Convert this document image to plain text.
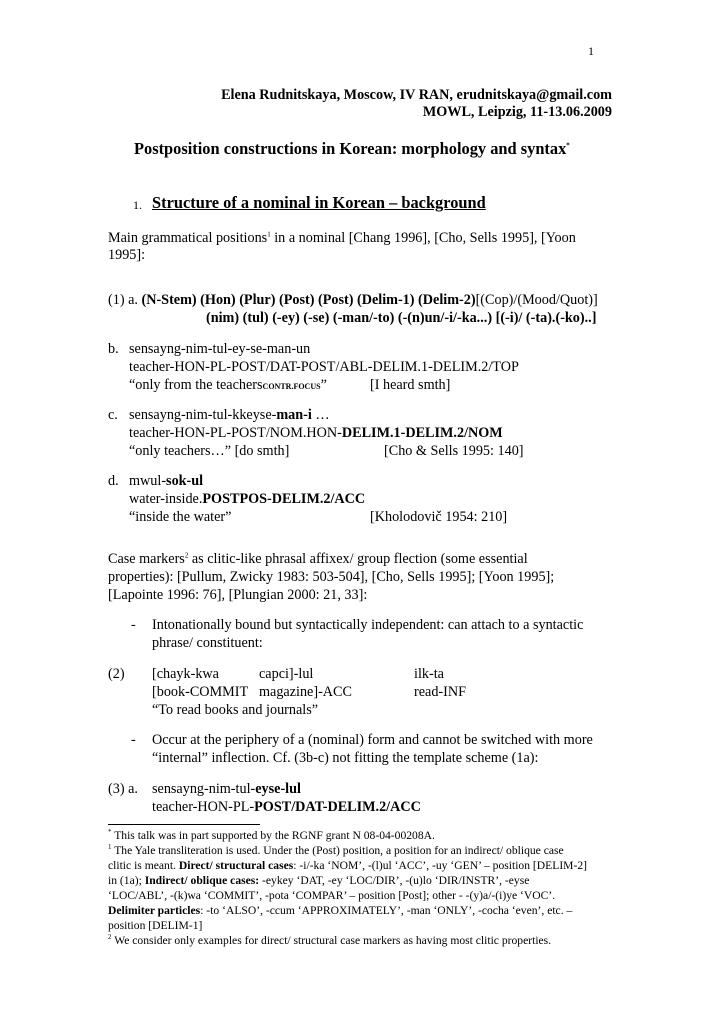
1
Elena Rudnitskaya, Moscow, IV RAN, erudnitskaya@gmail.com
MOWL, Leipzig, 11-13.06.2009
Postposition constructions in Korean: morphology and syntax*
1. Structure of a nominal in Korean – background
Main grammatical positions$^1$ in a nominal [Chang 1996], [Cho, Sells 1995], [Yoon
1995]:
(1) a. (N-Stem) (Hon) (Plur) (Post) (Post) (Delim-1) (Delim-2)[(Cop)/(Mood/Quot)]
(nim) (tul) (-ey) (-se) (-man/-to) (-(n)un/-i/-ka...) [(-i)/ (-ta).(-ko)..]
b. sensayng-nim-tul-ey-se-man-un
teacher-HON-PL-POST/DAT-POST/ABL-DELIM.1-DELIM.2/TOP
“only from the teachersCONTR.FOCUS”	[I heard smth]
c. sensayng-nim-tul-kkeyse-man-i …
teacher-HON-PL-POST/NOM.HON-DELIM.1-DELIM.2/NOM
“only teachers…” [do smth]	[Cho & Sells 1995: 140]
d. mwul-sok-ul
water-inside.POSTPOS-DELIM.2/ACC
“inside the water”	[Kholodovič 1954: 210]
Case markers$^2$ as clitic-like phrasal affixex/ group flection (some essential
properties): [Pullum, Zwicky 1983: 503-504], [Cho, Sells 1995]; [Yoon 1995];
[Lapointe 1996: 76], [Plungian 2000: 21, 33]:
- Intonationally bound but syntactically independent: can attach to a syntactic
phrase/ constituent:
(2) [chayk-kwa	capci]-lul	ilk-ta
[book-COMMIT magazine]-ACC	read-INF
“To read books and journals”
- Occur at the periphery of a (nominal) form and cannot be switched with more
“internal” inflection. Cf. (3b-c) not fitting the template scheme (1a):
(3) a. sensayng-nim-tul-eyse-lul
teacher-HON-PL-POST/DAT-DELIM.2/ACC
* This talk was in part supported by the RGNF grant N 08-04-00208A.
$^1$ The Yale transliteration is used. Under the (Post) position, a position for an indirect/ oblique case
clitic is meant. Direct/ structural cases: -i/-ka ‘NOM’, -(l)ul ‘ACC’, -uy ‘GEN’ – position [DELIM-2]
in (1a); Indirect/ oblique cases: -eykey ‘DAT, -ey ‘LOC/DIR’, -(u)lo ‘DIR/INSTR’, -eyse
‘LOC/ABL’, -(k)wa ‘COMMIT’, -pota ‘COMPAR’ – position [Post]; other - -(y)a/-(i)ye ‘VOC’.
Delimiter particles: -to ‘ALSO’, -ccum ‘APPROXIMATELY’, -man ‘ONLY’, -cocha ‘even’, etc. –
position [DELIM-1]
$^2$ We consider only examples for direct/ structural case markers as having most clitic properties.
